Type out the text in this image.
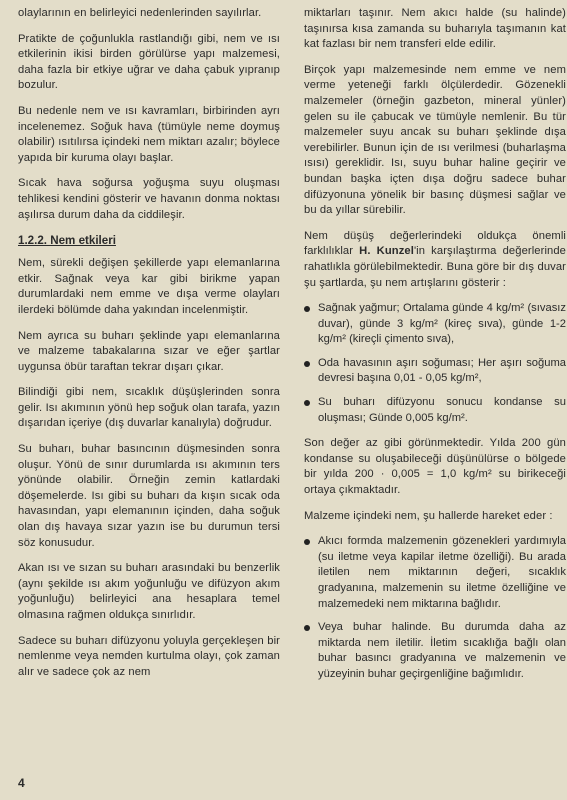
olaylarının en belirleyici nedenlerinden sayılırlar.

Pratikte de çoğunlukla rastlandığı gibi, nem ve ısı etkilerinin ikisi birden görülürse yapı malzemesi, daha fazla bir etkiye uğrar ve daha çabuk yıpranıp bozulur.

Bu nedenle nem ve ısı kavramları, birbirinden ayrı incelenemez. Soğuk hava (tümüyle neme doymuş olabilir) ısıtılırsa içindeki nem miktarı azalır; böylece yapıda bir kuruma olayı başlar.

Sıcak hava soğursa yoğuşma suyu oluşması tehlikesi kendini gösterir ve havanın donma noktası aşılırsa durum daha da ciddileşir.

1.2.2. Nem etkileri

Nem, sürekli değişen şekillerde yapı elemanlarına etkir. Sağnak veya kar gibi birikme yapan durumlardaki nem emme ve dışa verme olayları ilerdeki bölümde daha yakından incelenmiştir.

Nem ayrıca su buharı şeklinde yapı elemanlarına ve malzeme tabakalarına sızar ve eğer şartlar uygunsa öbür taraftan tekrar dışarı çıkar.

Bilindiği gibi nem, sıcaklık düşüşlerinden sonra gelir. Isı akımının yönü hep soğuk olan tarafa, yazın dışarıdan içeriye (dış duvarlar kanalıyla) doğrudur.

Su buharı, buhar basıncının düşmesinden sonra oluşur. Yönü de sınır durumlarda ısı akımının ters yönünde olabilir. Örneğin zemin katlardaki döşemelerde. Isı gibi su buharı da kışın sıcak oda havasından, yapı elemanının içinden, daha soğuk olan dış havaya sızar yazın ise bu durumun tersi söz konusudur.

Akan ısı ve sızan su buharı arasındaki bu benzerlik (aynı şekilde ısı akım yoğunluğu ve difüzyon akım yoğunluğu) belirleyici ana hesaplara temel olmasına rağmen oldukça sınırlıdır.

Sadece su buharı difüzyonu yoluyla gerçekleşen bir nemlenme veya nemden kurtulma olayı, çok zaman alır ve sadece çok az nem

miktarları taşınır. Nem akıcı halde (su halinde) taşınırsa kısa zamanda su buharıyla taşımanın kat kat fazlası bir nem transferi elde edilir.

Birçok yapı malzemesinde nem emme ve nem verme yeteneği farklı ölçülerdedir. Gözenekli malzemeler (örneğin gazbeton, mineral yünler) gelen su ile çabucak ve tümüyle nemlenir. Bu tür malzemeler suyu ancak su buharı şeklinde dışa verebilirler. Bunun için de ısı verilmesi (buharlaşma ısısı) gereklidir. Isı, suyu buhar haline geçirir ve bundan başka içten dışa doğru sadece buhar difüzyonuna yönelik bir basınç düşmesi sağlar ve bu da yıllar sürebilir.

Nem düşüş değerlerindeki oldukça önemli farklılıklar H. Kunzel'in karşılaştırma değerlerinde rahatlıkla görülebilmektedir. Buna göre bir dış duvar şu şartlarda, şu nem artışlarını gösterir :

Sağnak yağmur; Ortalama günde 4 kg/m² (sıvasız duvar), günde 3 kg/m² (kireç sıva), günde 1-2 kg/m² (kireçli çimento sıva),
Oda havasının aşırı soğuması; Her aşırı soğuma devresi başına 0,01 - 0,05 kg/m²,
Su buharı difüzyonu sonucu kondanse su oluşması; Günde 0,005 kg/m².

Son değer az gibi görünmektedir. Yılda 200 gün kondanse su oluşabileceği düşünülürse o bölgede bir yılda 200 · 0,005 = 1,0 kg/m² su birikeceği ortaya çıkmaktadır.

Malzeme içindeki nem, şu hallerde hareket eder :

Akıcı formda malzemenin gözenekleri yardımıyla (su iletme veya kapilar iletme özelliği). Bu arada iletilen nem miktarının değeri, sıcaklık gradyanına, malzemenin su iletme özelliğine ve malzemedeki nem miktarına bağlıdır.
Veya buhar halinde. Bu durumda daha az miktarda nem iletilir. İletim sıcaklığa bağlı olan buhar basıncı gradyanına ve malzemenin ve yüzeyinin buhar geçirgenliğine bağımlıdır.
4
